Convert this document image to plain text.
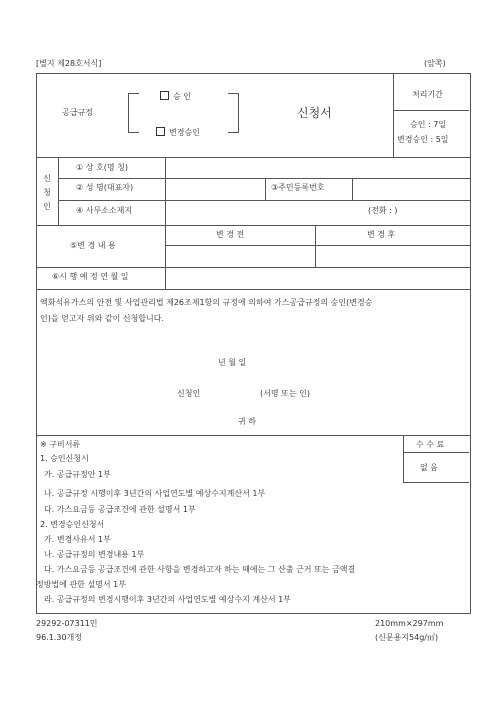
[별지 제28호서식]	(앞쪽)
공급규정
승 인
변경승인
신청서
처리기간
승인 : 7일
변경승인 : 5일
신청인
① 상 호(명 칭)
② 성 명(대표자)	③주민등록번호
④ 사무소소재지	(전화 : )
⑤변 경 내 용
변 경 전	변 경 후
⑥시 행 예 정 연 월 일
액화석유가스의 안전 및 사업관리법 제26조제1항의 규정에 의하여 가스공급규정의 승인(변경승
인)을 얻고자 위와 같이 신청합니다.
년 월 일
신청인	(서명 또는 인)
귀 하
수 수 료
없 음
※ 구비서류
1. 승인신청시
가. 공급규정안 1부
나. 공급규정 시행이후 3년간의 사업연도별 예상수지계산서 1부
다. 가스요금등 공급조건에 관한 설명서 1부
2. 변경승인신청서
가. 변경사유서 1부
나. 공급규정의 변경내용 1부
다. 가스요금등 공급조건에 관한 사항을 변경하고자 하는 때에는 그 산출 근거 또는 금액결
정방법에 관한 설명서 1부
라. 공급규정의 변경시행이후 3년간의 사업연도별 예상수지 계산서 1부
29292-07311민
96.1.30개정
210mm×297mm
(신문용지54g/㎡)
